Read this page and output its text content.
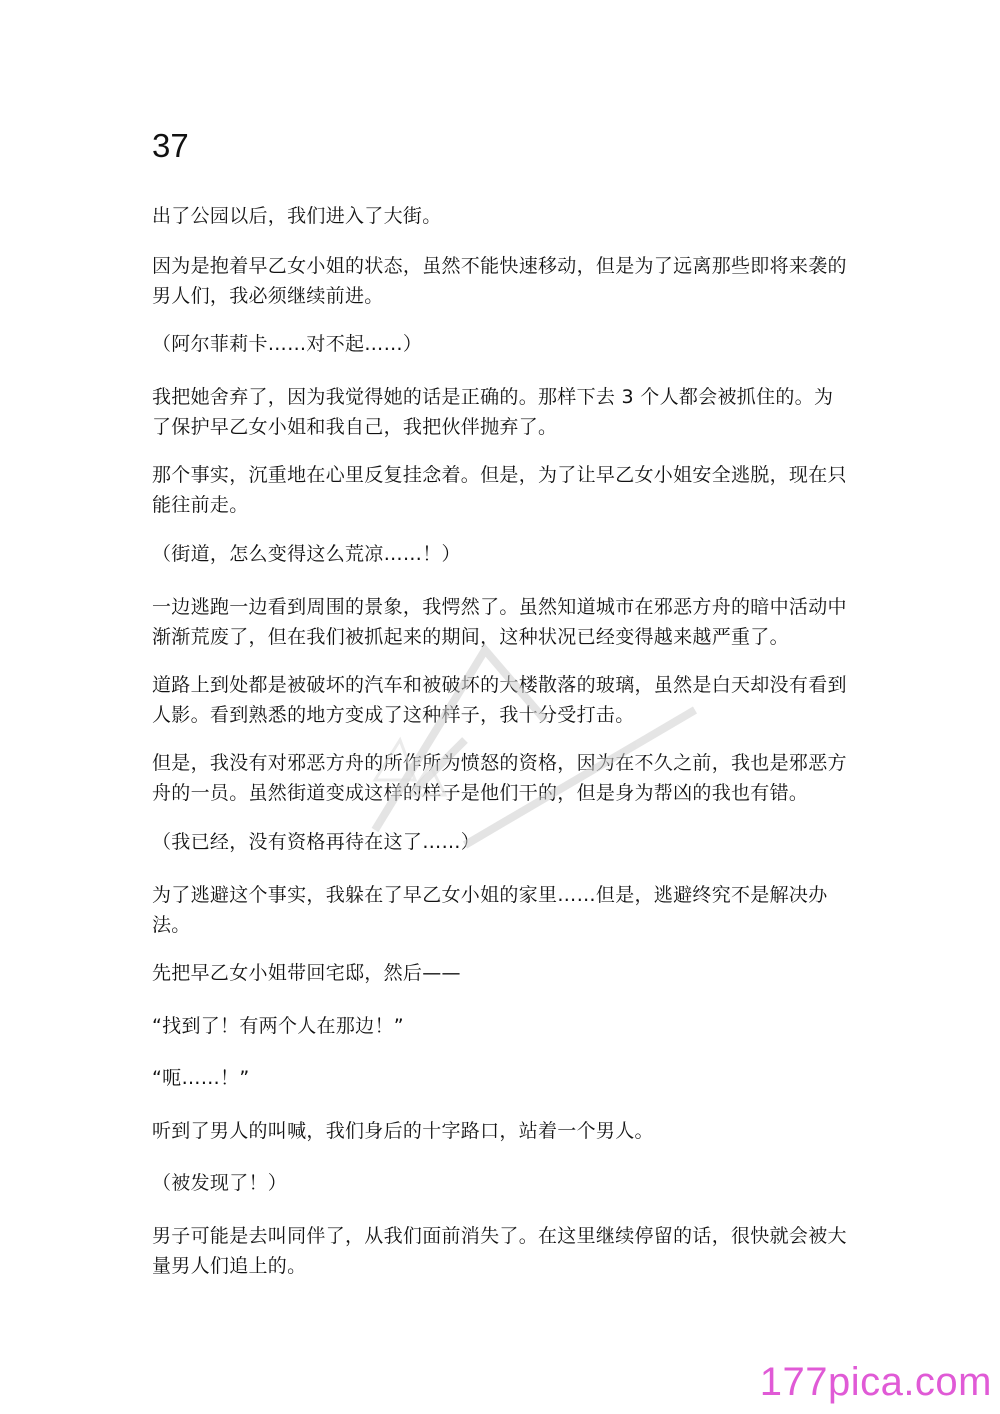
37

出了公园以后，我们进入了大街。

因为是抱着早乙女小姐的状态，虽然不能快速移动，但是为了远离那些即将来袭的男人们，我必须继续前进。

（阿尔菲莉卡……对不起……）

我把她舍弃了，因为我觉得她的话是正确的。那样下去 3 个人都会被抓住的。为了保护早乙女小姐和我自己，我把伙伴抛弃了。

那个事实，沉重地在心里反复挂念着。但是，为了让早乙女小姐安全逃脱，现在只能往前走。

（街道，怎么变得这么荒凉……！）

一边逃跑一边看到周围的景象，我愕然了。虽然知道城市在邪恶方舟的暗中活动中渐渐荒废了，但在我们被抓起来的期间，这种状况已经变得越来越严重了。

道路上到处都是被破坏的汽车和被破坏的大楼散落的玻璃，虽然是白天却没有看到人影。看到熟悉的地方变成了这种样子，我十分受打击。

但是，我没有对邪恶方舟的所作所为愤怒的资格，因为在不久之前，我也是邪恶方舟的一员。虽然街道变成这样的样子是他们干的，但是身为帮凶的我也有错。

（我已经，没有资格再待在这了……）

为了逃避这个事实，我躲在了早乙女小姐的家里……但是，逃避终究不是解决办法。

先把早乙女小姐带回宅邸，然后——

“找到了！有两个人在那边！”

“呃……！”

听到了男人的叫喊，我们身后的十字路口，站着一个男人。

（被发现了！）

男子可能是去叫同伴了，从我们面前消失了。在这里继续停留的话，很快就会被大量男人们追上的。

177pica.com
